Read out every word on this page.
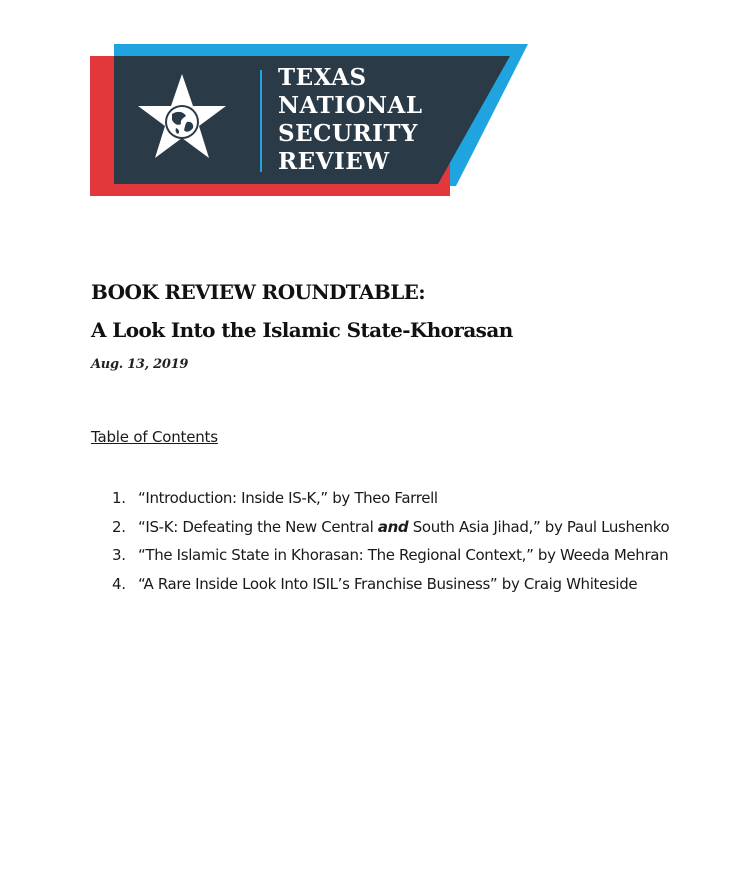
TEXAS
NATIONAL
SECURITY
REVIEW
BOOK REVIEW ROUNDTABLE:
A Look Into the Islamic State-Khorasan
Aug. 13, 2019
Table of Contents
1. “Introduction: Inside IS-K,” by Theo Farrell
2. “IS-K: Defeating the New Central and South Asia Jihad,” by Paul Lushenko
3. “The Islamic State in Khorasan: The Regional Context,” by Weeda Mehran
4. “A Rare Inside Look Into ISIL’s Franchise Business” by Craig Whiteside
